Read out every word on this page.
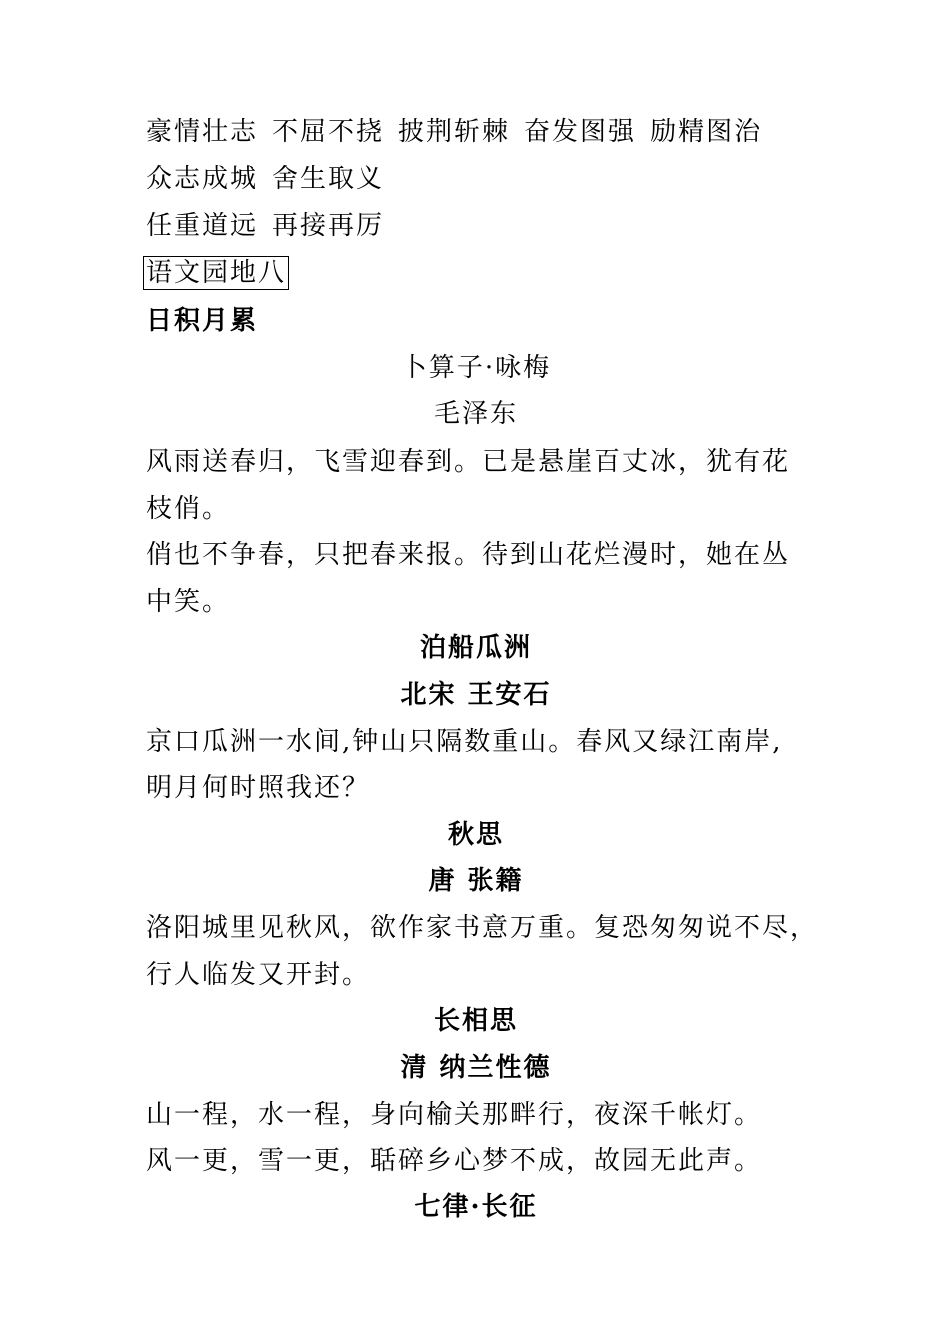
豪情壮志 不屈不挠 披荆斩棘 奋发图强 励精图治
众志成城 舍生取义
任重道远 再接再厉
语文园地八
日积月累
卜算子·咏梅
毛泽东
风雨送春归，飞雪迎春到。已是悬崖百丈冰，犹有花
枝俏。
俏也不争春，只把春来报。待到山花烂漫时，她在丛
中笑。
泊船瓜洲
北宋 王安石
京口瓜洲一水间,钟山只隔数重山。春风又绿江南岸,
明月何时照我还？
秋思
唐 张籍
洛阳城里见秋风，欲作家书意万重。复恐匆匆说不尽，
行人临发又开封。
长相思
清 纳兰性德
山一程，水一程，身向榆关那畔行，夜深千帐灯。
风一更，雪一更，聒碎乡心梦不成，故园无此声。
七律·长征
